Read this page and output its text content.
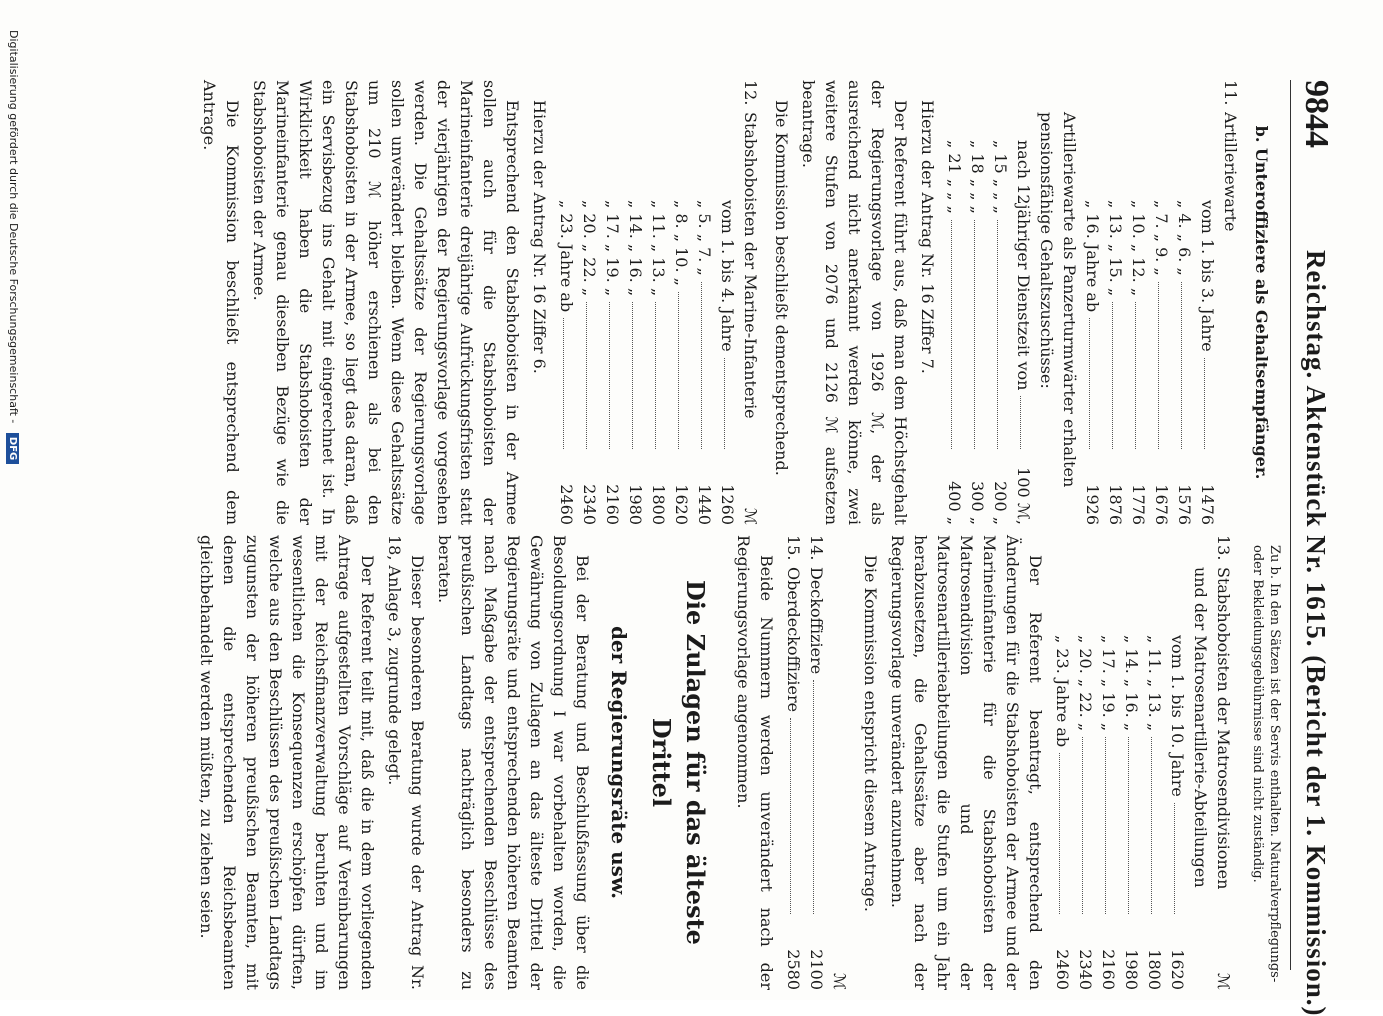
9844
Reichstag. Aktenstück Nr. 1615. (Bericht der 1. Kommission.)
b. Unteroffiziere als Gehaltsempfänger.
11.
Artilleriewarte
vom 1. bis 3. Jahre
1476
„ 4. „ 6. „
1576
„ 7. „ 9. „
1676
„ 10. „ 12. „
1776
„ 13. „ 15. „
1876
„ 16. Jahre ab
1926
Artilleriewarte als Panzerturmwärter erhalten pensionsfähige Gehaltszuschüsse:
nach 12jähriger Dienstzeit von
100 ℳ,
„ 15 „ „ „
200 „
„ 18 „ „ „
300 „
„ 21 „ „ „
400 „
Hierzu der Antrag Nr. 16 Ziffer 7.
Der Referent führt aus, daß man dem Höchstgehalt der Regierungsvorlage von 1926 ℳ, der als ausreichend nicht anerkannt werden könne, zwei weitere Stufen von 2076 und 2126 ℳ aufsetzen beantrage.
Die Kommission beschließt dementsprechend.
12.
Stabshoboisten der Marine-Infanterie
ℳ
vom 1. bis 4. Jahre
1260
„ 5. „ 7. „
1440
„ 8. „ 10. „
1620
„ 11. „ 13. „
1800
„ 14. „ 16. „
1980
„ 17. „ 19. „
2160
„ 20. „ 22. „
2340
„ 23. Jahre ab
2460
Hierzu der Antrag Nr. 16 Ziffer 6.
Entsprechend den Stabshoboisten in der Armee sollen auch für die Stabshoboisten der Marineinfanterie dreijährige Aufrückungsfristen statt der vierjährigen der Regierungsvorlage vorgesehen werden. Die Gehaltssätze der Regierungsvorlage sollen unverändert bleiben. Wenn diese Gehaltssätze um 210 ℳ höher erschienen als bei den Stabshoboisten in der Armee, so liegt das daran, daß ein Servisbezug ins Gehalt mit eingerechnet ist. In Wirklichkeit haben die Stabshoboisten der Marineinfanterie genau dieselben Bezüge wie die Stabshoboisten der Armee.
Die Kommission beschließt entsprechend dem Antrage.
Zu b. In den Sätzen ist der Servis enthalten. Naturalverpflegungs- oder Bekleidungsgebührnisse sind nicht zuständig.
13.
Stabshoboisten der Matrosendivisionen und der Matrosenartillerie-Abteilungen
ℳ
vom 1. bis 10. Jahre
1620
„ 11. „ 13. „
1800
„ 14. „ 16. „
1980
„ 17. „ 19. „
2160
„ 20. „ 22. „
2340
„ 23. Jahre ab
2460
Der Referent beantragt, entsprechend den Änderungen für die Stabshoboisten der Armee und der Marineinfanterie für die Stabshoboisten der Matrosendivision und der Matrosenartillerieabteilungen die Stufen um ein Jahr herabzusetzen, die Gehaltssätze aber nach der Regierungsvorlage unverändert anzunehmen.
Die Kommission entspricht diesem Antrage.
ℳ
14.
Deckoffiziere
2100
15.
Oberdeckoffiziere
2580
Beide Nummern werden unverändert nach der Regierungsvorlage angenommen.
Die Zulagen für das älteste Drittel
der Regierungsräte usw.
Bei der Beratung und Beschlußfassung über die Besoldungsordnung I war vorbehalten worden, die Gewährung von Zulagen an das älteste Drittel der Regierungsräte und entsprechenden höheren Beamten nach Maßgabe der entsprechenden Beschlüsse des preußischen Landtags nachträglich besonders zu beraten.
Dieser besonderen Beratung wurde der Antrag Nr. 18, Anlage 3, zugrunde gelegt.
Der Referent teilt mit, daß die in dem vorliegenden Antrage aufgestellten Vorschläge auf Vereinbarungen mit der Reichsfinanzverwaltung beruhten und im wesentlichen die Konsequenzen erschöpfen dürften, welche aus den Beschlüssen des preußischen Landtags zugunsten der höheren preußischen Beamten, mit denen die entsprechenden Reichsbeamten gleichbehandelt werden müßten, zu ziehen seien.
Digitalisierung gefördert durch die Deutsche Forschungsgemeinschaft - DFG
